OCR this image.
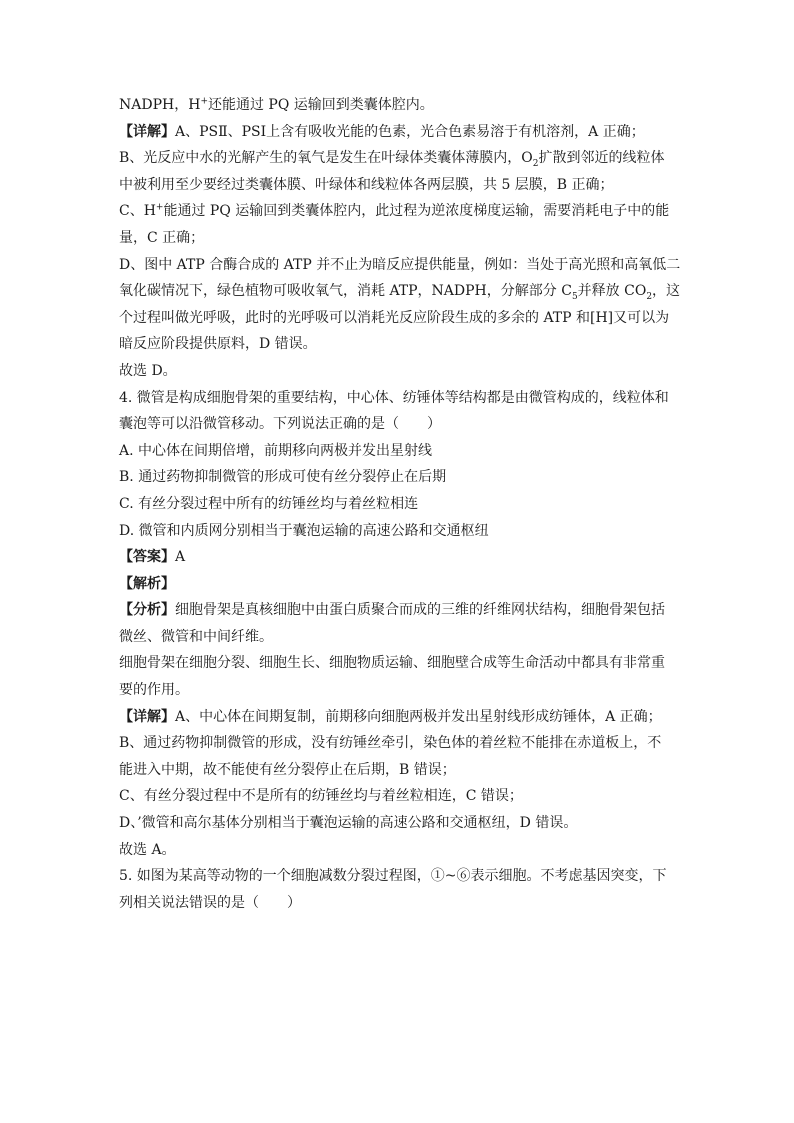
NADPH，H+还能通过 PQ 运输回到类囊体腔内。
【详解】A、PSⅡ、PSⅠ上含有吸收光能的色素，光合色素易溶于有机溶剂，A 正确；
B、光反应中水的光解产生的氧气是发生在叶绿体类囊体薄膜内，$O_2$扩散到邻近的线粒体
中被利用至少要经过类囊体膜、叶绿体和线粒体各两层膜，共 5 层膜，B 正确；
C、H+能通过 PQ 运输回到类囊体腔内，此过程为逆浓度梯度运输，需要消耗电子中的能
量，C 正确；
D、图中 ATP 合酶合成的 ATP 并不止为暗反应提供能量，例如：当处于高光照和高氧低二
氧化碳情况下，绿色植物可吸收氧气，消耗 ATP，NADPH，分解部分 $C_5$并释放 $CO_2$，这
个过程叫做光呼吸，此时的光呼吸可以消耗光反应阶段生成的多余的 ATP 和[H]又可以为
暗反应阶段提供原料，D 错误。
故选 D。
4. 微管是构成细胞骨架的重要结构，中心体、纺锤体等结构都是由微管构成的，线粒体和
囊泡等可以沿微管移动。下列说法正确的是（　　）
A. 中心体在间期倍增，前期移向两极并发出星射线
B. 通过药物抑制微管的形成可使有丝分裂停止在后期
C. 有丝分裂过程中所有的纺锤丝均与着丝粒相连
D. 微管和内质网分别相当于囊泡运输的高速公路和交通枢纽
【答案】A
【解析】
【分析】细胞骨架是真核细胞中由蛋白质聚合而成的三维的纤维网状结构，细胞骨架包括
微丝、微管和中间纤维。
细胞骨架在细胞分裂、细胞生长、细胞物质运输、细胞壁合成等生命活动中都具有非常重
要的作用。
【详解】A、中心体在间期复制，前期移向细胞两极并发出星射线形成纺锤体，A 正确；
B、通过药物抑制微管的形成，没有纺锤丝牵引，染色体的着丝粒不能排在赤道板上，不
能进入中期，故不能使有丝分裂停止在后期，B 错误；
C、有丝分裂过程中不是所有的纺锤丝均与着丝粒相连，C 错误；
D、’微管和高尔基体分别相当于囊泡运输的高速公路和交通枢纽，D 错误。
故选 A。
5. 如图为某高等动物的一个细胞减数分裂过程图，①~⑥表示细胞。不考虑基因突变，下
列相关说法错误的是（　　）
